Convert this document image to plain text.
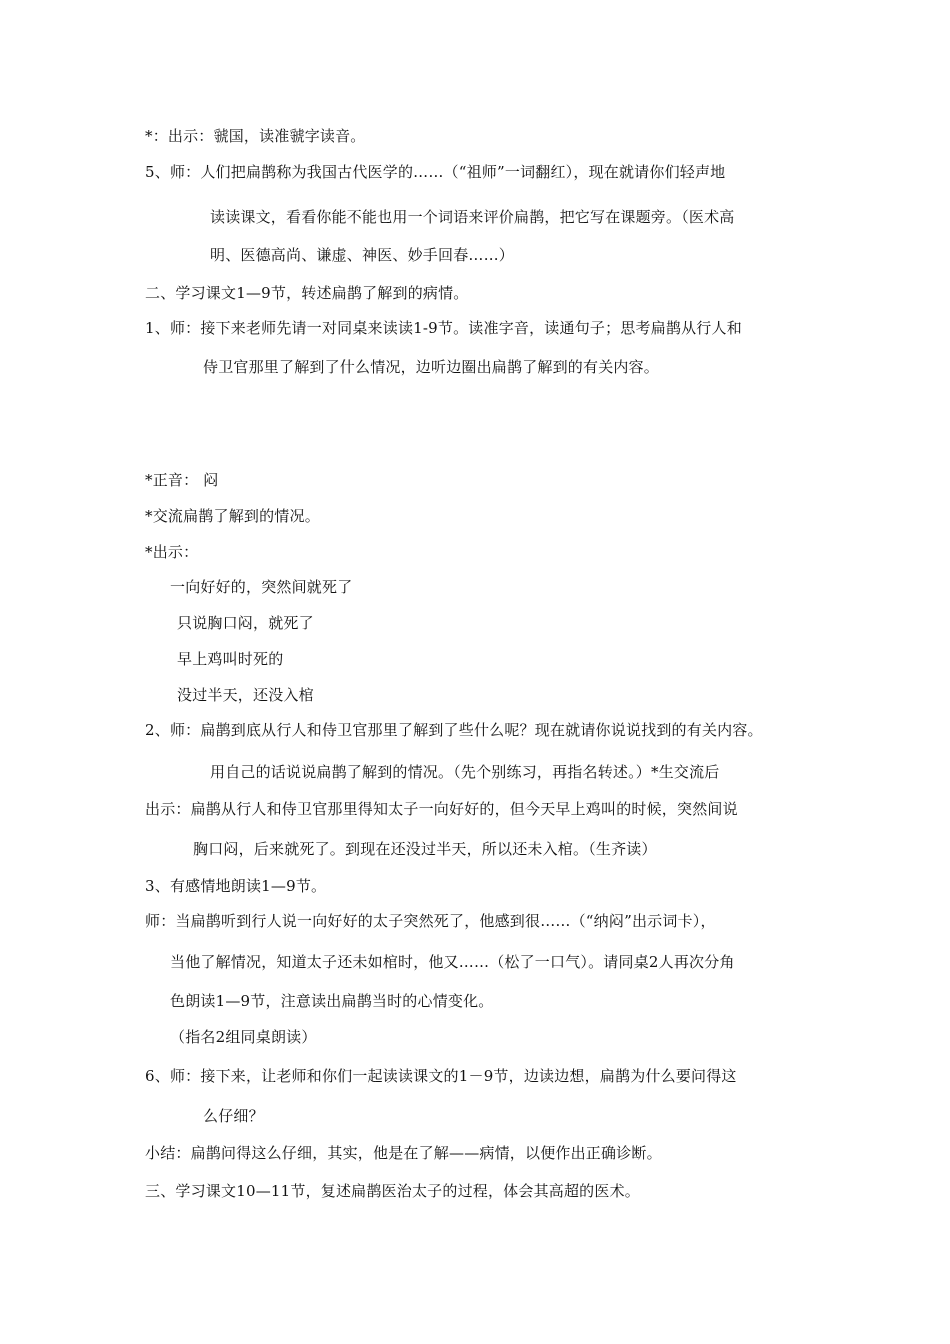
*：出示：虢国，读准虢字读音。
5、师：人们把扁鹊称为我国古代医学的……（“祖师”一词翻红），现在就请你们轻声地
读读课文，看看你能不能也用一个词语来评价扁鹊，把它写在课题旁。（医术高
明、医德高尚、谦虚、神医、妙手回春……）
二、学习课文1—9节，转述扁鹊了解到的病情。
1、师：接下来老师先请一对同桌来读读1-9节。读准字音，读通句子；思考扁鹊从行人和
侍卫官那里了解到了什么情况，边听边圈出扁鹊了解到的有关内容。
*正音： 闷
*交流扁鹊了解到的情况。
*出示：
一向好好的，突然间就死了
只说胸口闷，就死了
早上鸡叫时死的
没过半天，还没入棺
2、师：扁鹊到底从行人和侍卫官那里了解到了些什么呢？现在就请你说说找到的有关内容。
用自己的话说说扁鹊了解到的情况。（先个别练习，再指名转述。）*生交流后
出示：扁鹊从行人和侍卫官那里得知太子一向好好的，但今天早上鸡叫的时候，突然间说
胸口闷，后来就死了。到现在还没过半天，所以还未入棺。（生齐读）
3、有感情地朗读1—9节。
师：当扁鹊听到行人说一向好好的太子突然死了，他感到很……（“纳闷”出示词卡），
当他了解情况，知道太子还未如棺时，他又……（松了一口气）。请同桌2人再次分角
色朗读1—9节，注意读出扁鹊当时的心情变化。
（指名2组同桌朗读）
6、师：接下来，让老师和你们一起读读课文的1－9节，边读边想，扁鹊为什么要问得这
么仔细？
小结：扁鹊问得这么仔细，其实，他是在了解——病情，以便作出正确诊断。
三、学习课文10—11节，复述扁鹊医治太子的过程，体会其高超的医术。
